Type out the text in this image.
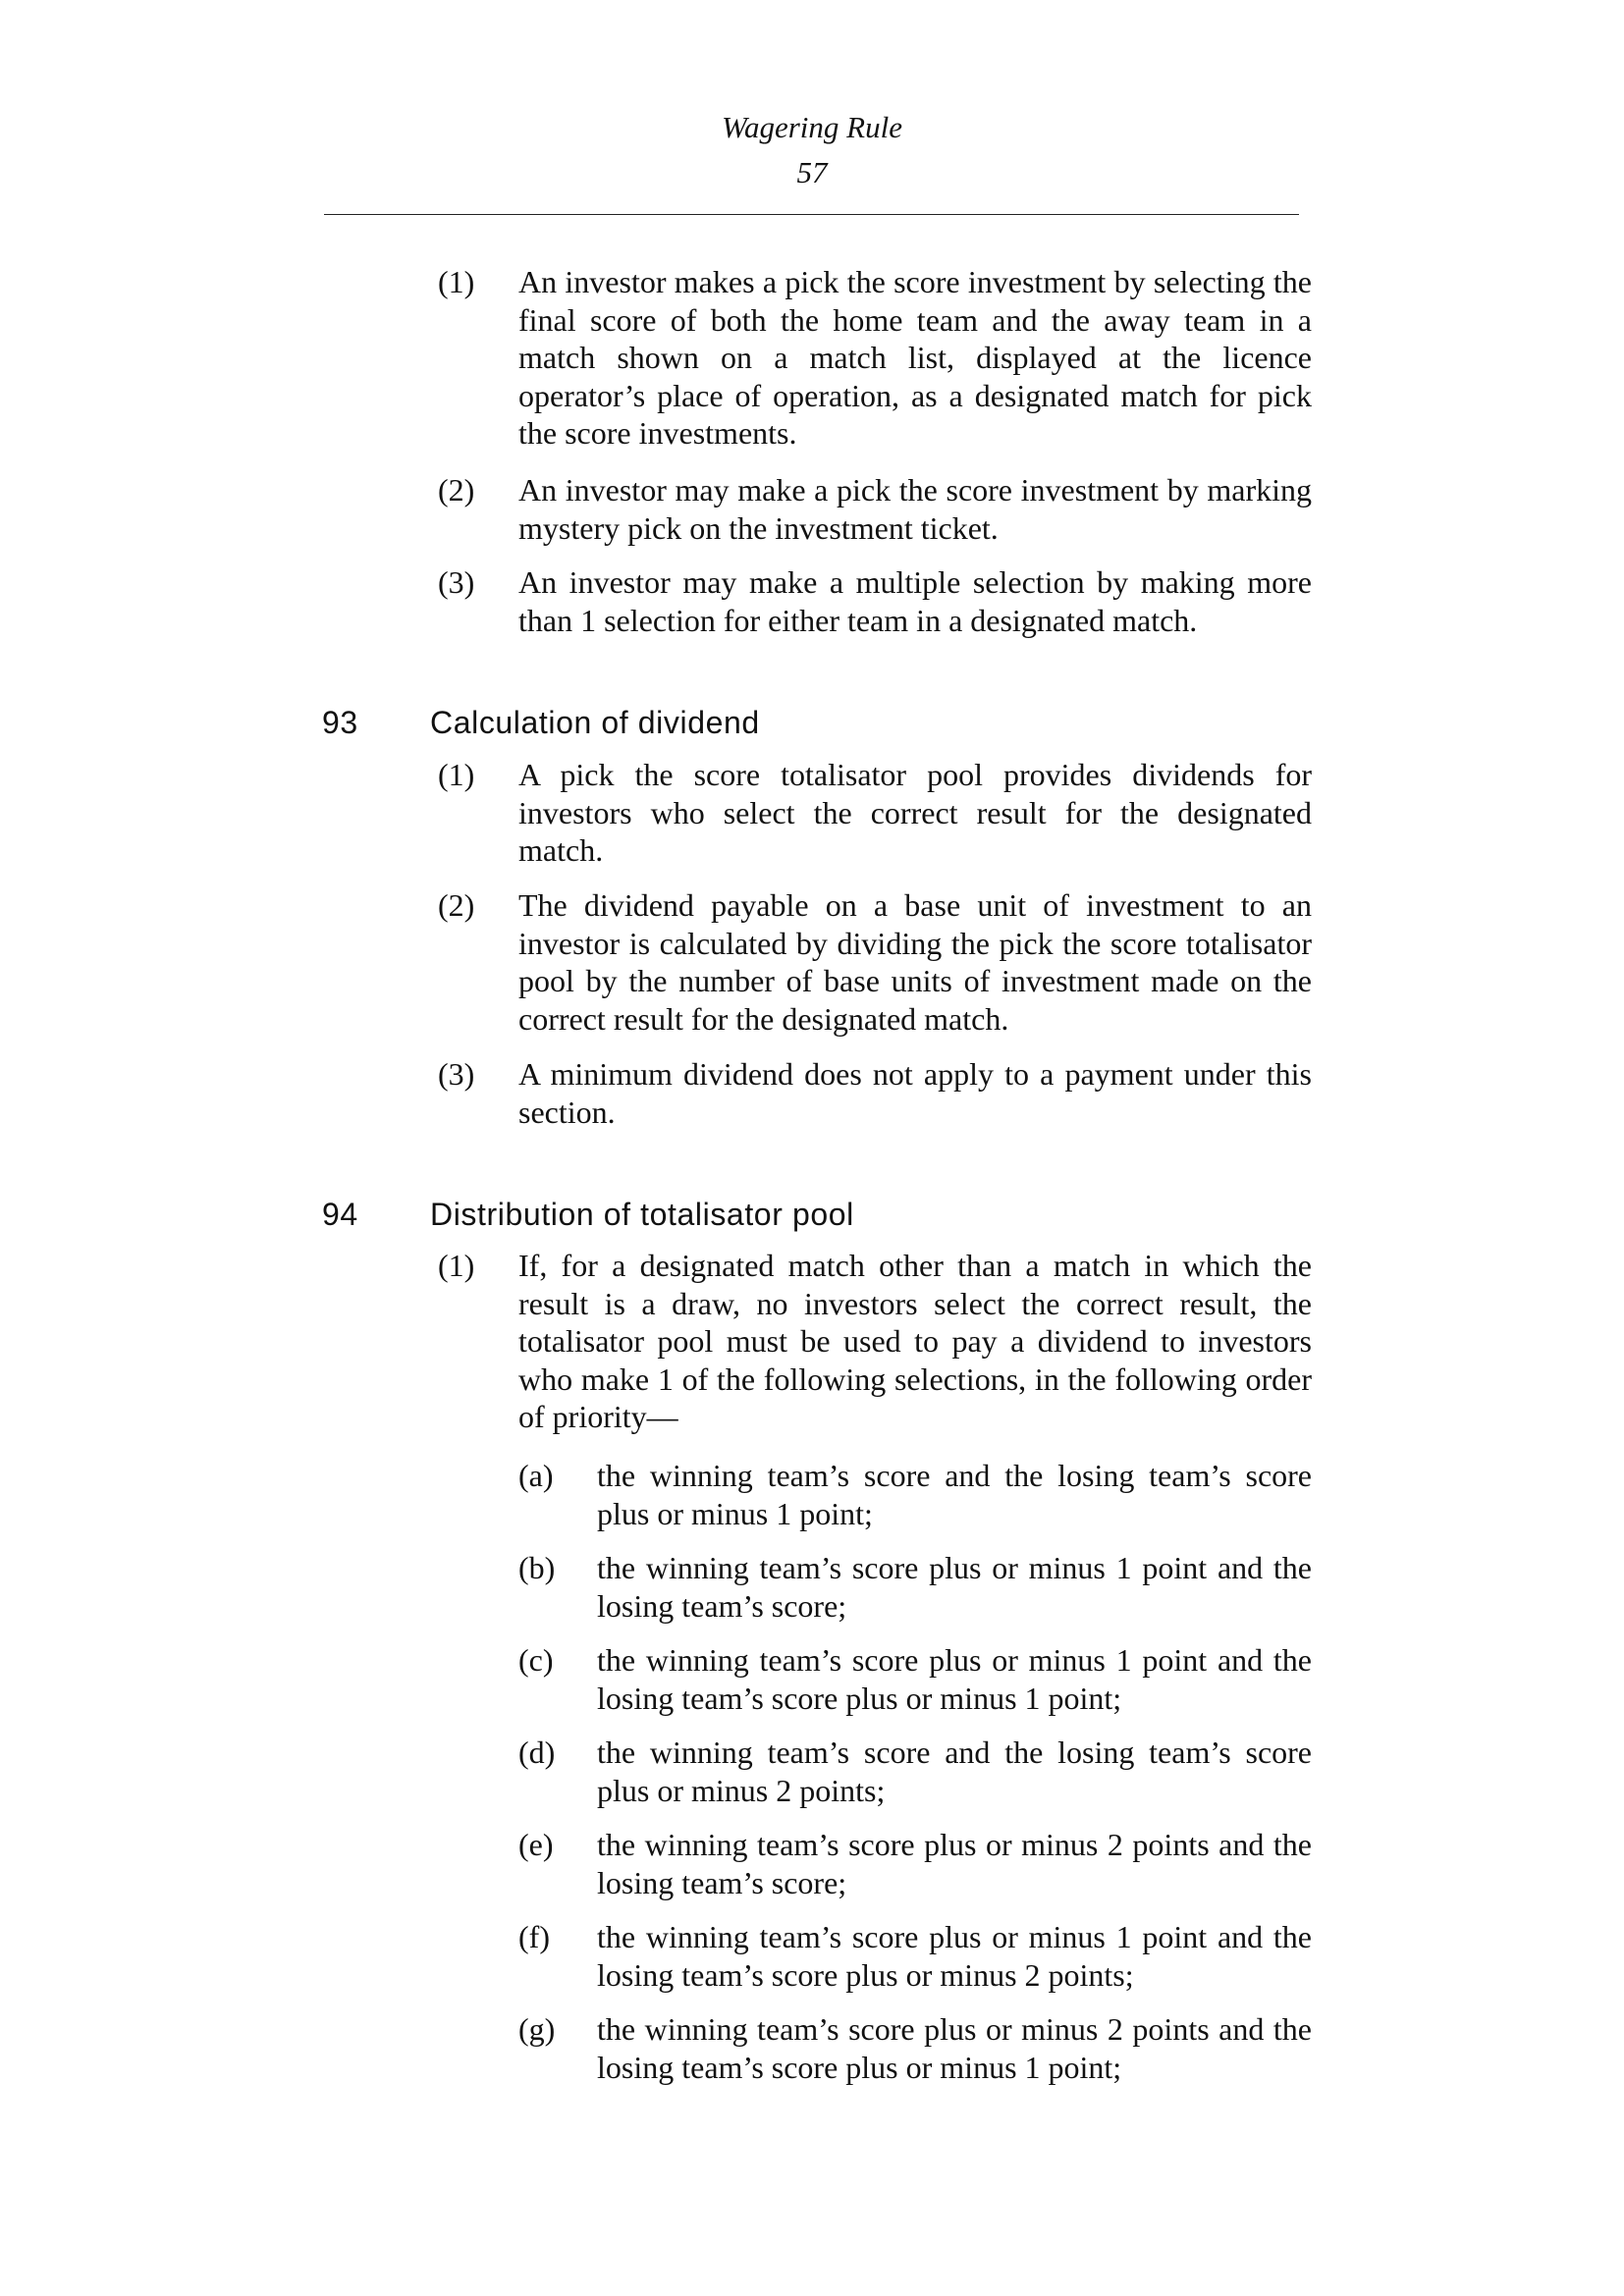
Wagering Rule
57
(1) An investor makes a pick the score investment by selecting the final score of both the home team and the away team in a match shown on a match list, displayed at the licence operator’s place of operation, as a designated match for pick the score investments.
(2) An investor may make a pick the score investment by marking mystery pick on the investment ticket.
(3) An investor may make a multiple selection by making more than 1 selection for either team in a designated match.
93 Calculation of dividend
(1) A pick the score totalisator pool provides dividends for investors who select the correct result for the designated match.
(2) The dividend payable on a base unit of investment to an investor is calculated by dividing the pick the score totalisator pool by the number of base units of investment made on the correct result for the designated match.
(3) A minimum dividend does not apply to a payment under this section.
94 Distribution of totalisator pool
(1) If, for a designated match other than a match in which the result is a draw, no investors select the correct result, the totalisator pool must be used to pay a dividend to investors who make 1 of the following selections, in the following order of priority—
(a) the winning team’s score and the losing team’s score plus or minus 1 point;
(b) the winning team’s score plus or minus 1 point and the losing team’s score;
(c) the winning team’s score plus or minus 1 point and the losing team’s score plus or minus 1 point;
(d) the winning team’s score and the losing team’s score plus or minus 2 points;
(e) the winning team’s score plus or minus 2 points and the losing team’s score;
(f) the winning team’s score plus or minus 1 point and the losing team’s score plus or minus 2 points;
(g) the winning team’s score plus or minus 2 points and the losing team’s score plus or minus 1 point;
